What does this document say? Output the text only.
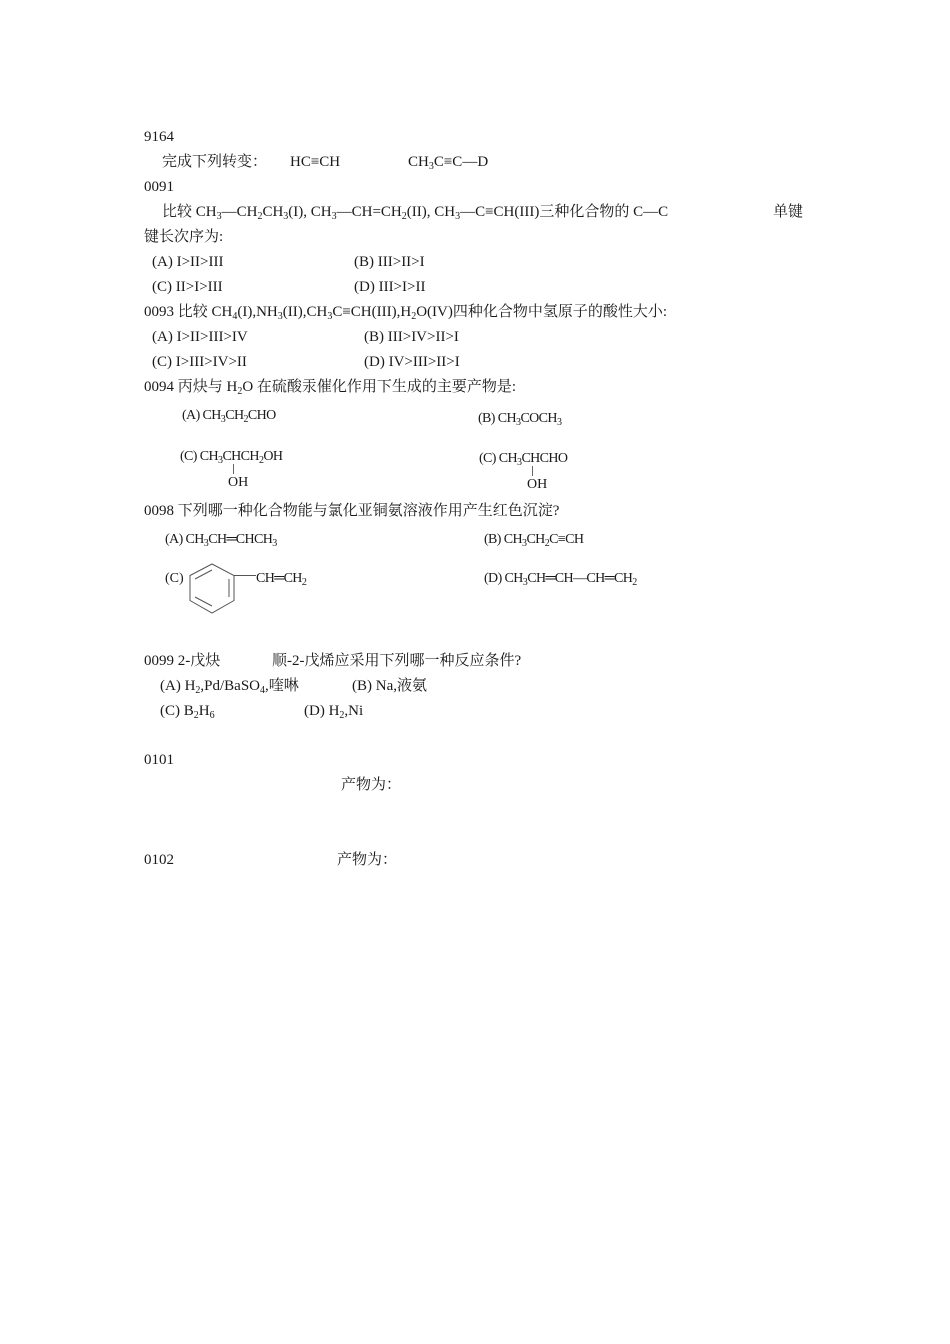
9164
完成下列转变： HC≡CH	$CH_3C\equiv C—D$
0091
比较 $CH_3—CH_2CH_3(I)$, $CH_3—CH=CH_2(II)$, $CH_3—C\equiv CH(III)$三种化合物的 C—C	单键
键长次序为:
(A) I>II>III	(B) III>II>I
(C) II>I>III	(D) III>I>II
0093 比较 $CH_4(I),NH_3(II),CH_3C\equiv CH(III),H_2O(IV)$四种化合物中氢原子的酸性大小:
(A) I>II>III>IV	(B) III>IV>II>I
(C) I>III>IV>II	(D) IV>III>II>I
0094 丙炔与 $H_2O$ 在硫酸汞催化作用下生成的主要产物是:
(A) $CH_3CH_2CHO$	(B) $CH_3COCH_3$
(C) $CH_3CHCH_2OH$
OH
(C) $CH_3CHCHO$
OH
0098 下列哪一种化合物能与氯化亚铜氨溶液作用产生红色沉淀?
(A) $CH_3CH═CHCH_3$	(B) $CH_3CH_2C\equiv CH$
(C)	$CH═CH_2$	(D) $CH_3CH═CH—CH═CH_2$
0099 2-戊炔	顺-2-戊烯应采用下列哪一种反应条件?
(A) $H_2,Pd/BaSO_4$,喹啉	(B) Na,液氨
(C) $B_2H_6$	(D) $H_2,Ni$
0101
产物为：
0102	产物为：
